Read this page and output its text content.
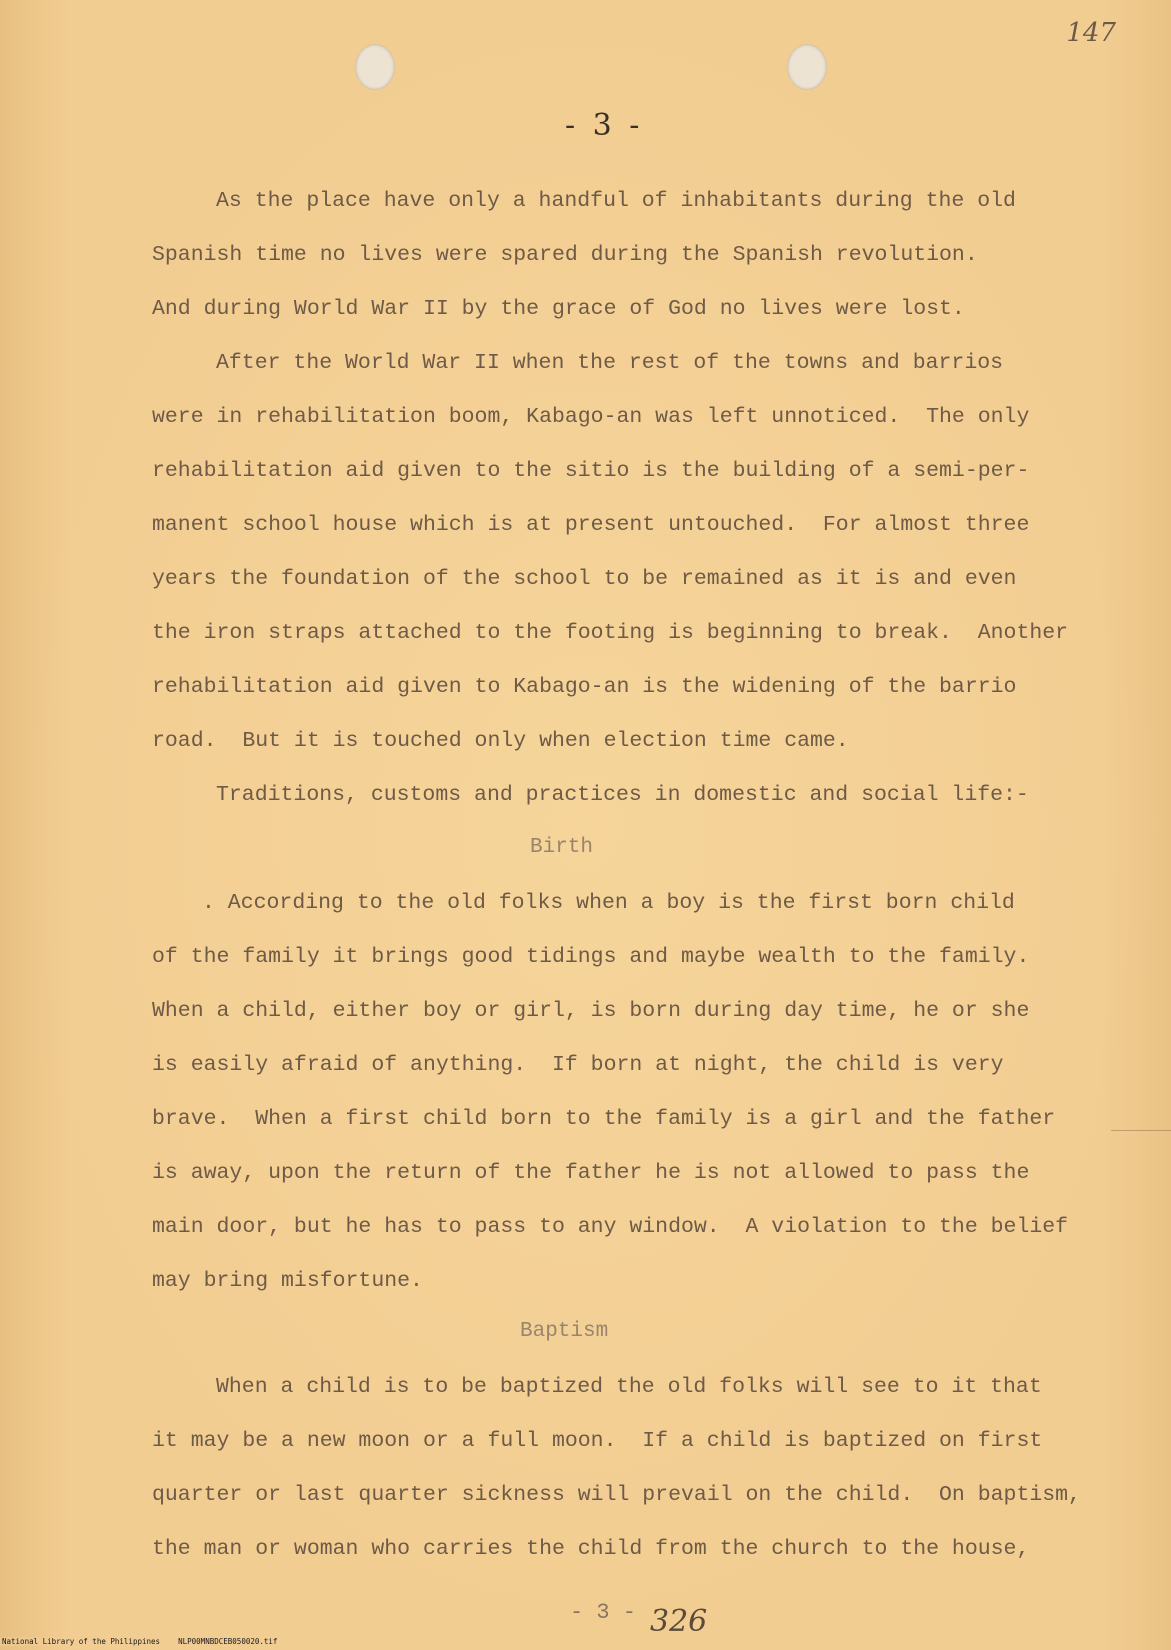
147
- 3 -
As the place have only a handful of inhabitants during the old
Spanish time no lives were spared during the Spanish revolution.
And during World War II by the grace of God no lives were lost.
After the World War II when the rest of the towns and barrios
were in rehabilitation boom, Kabago-an was left unnoticed.  The only
rehabilitation aid given to the sitio is the building of a semi-per-
manent school house which is at present untouched.  For almost three
years the foundation of the school to be remained as it is and even
the iron straps attached to the footing is beginning to break.  Another
rehabilitation aid given to Kabago-an is the widening of the barrio
road.  But it is touched only when election time came.
Traditions, customs and practices in domestic and social life:-
Birth
. According to the old folks when a boy is the first born child
of the family it brings good tidings and maybe wealth to the family.
When a child, either boy or girl, is born during day time, he or she
is easily afraid of anything.  If born at night, the child is very
brave.  When a first child born to the family is a girl and the father
is away, upon the return of the father he is not allowed to pass the
main door, but he has to pass to any window.  A violation to the belief
may bring misfortune.
Baptism
When a child is to be baptized the old folks will see to it that
it may be a new moon or a full moon.  If a child is baptized on first
quarter or last quarter sickness will prevail on the child.  On baptism,
the man or woman who carries the child from the church to the house,
- 3 - 326
National Library of the Philippines    NLP00MNBDCEB050020.tif
